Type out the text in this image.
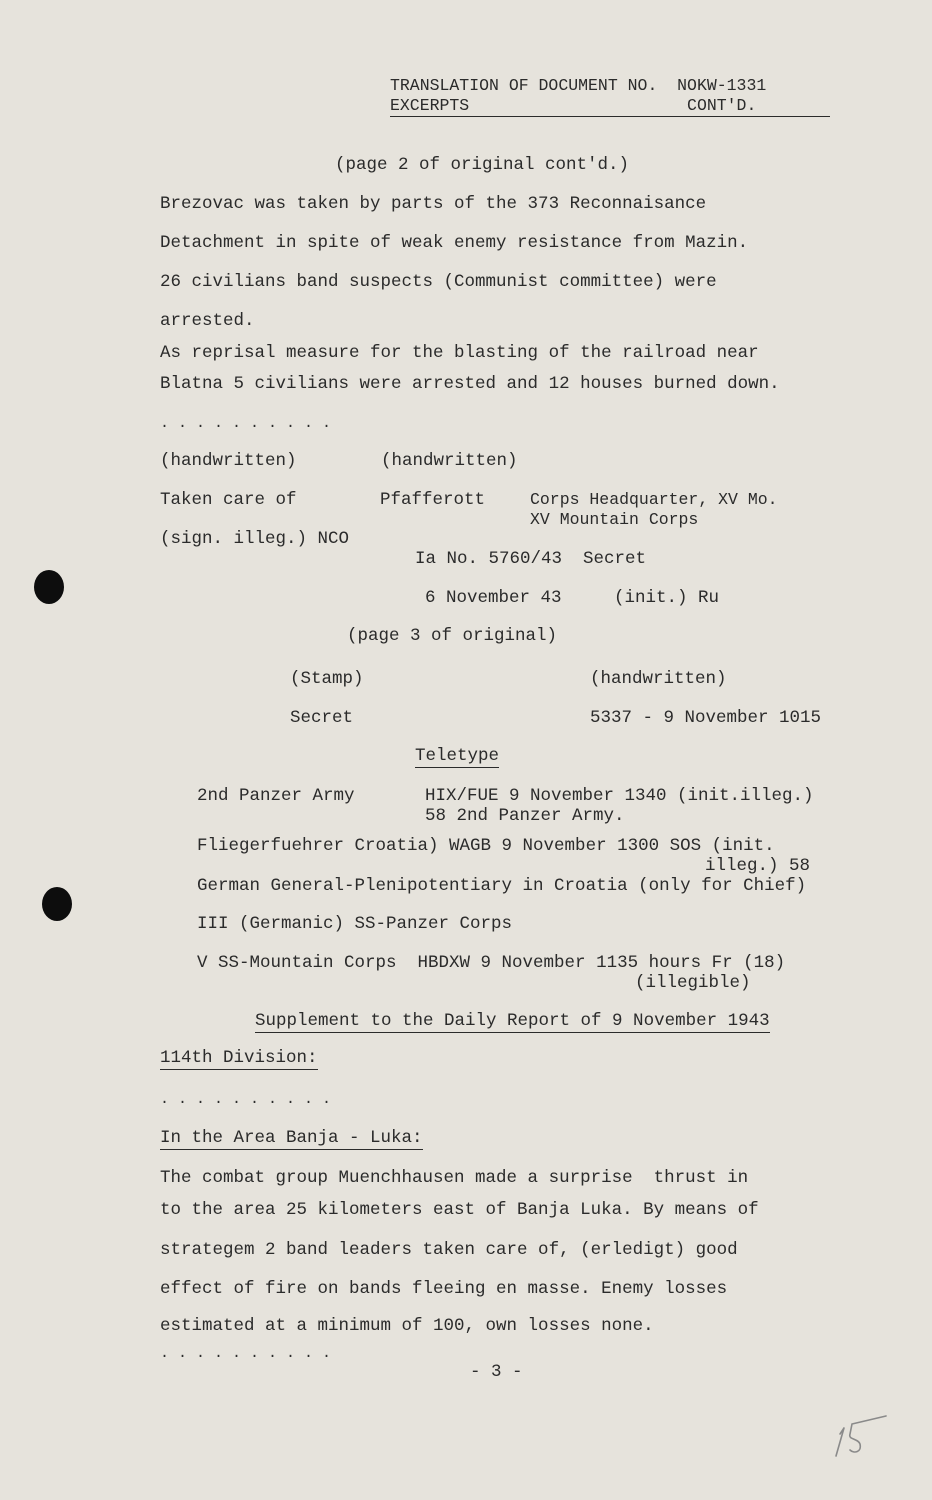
TRANSLATION OF DOCUMENT NO.  NOKW-1331
EXCERPTS                      CONT'D.
(page 2 of original cont'd.)
Brezovac was taken by parts of the 373 Reconnaisance
Detachment in spite of weak enemy resistance from Mazin.
26 civilians band suspects (Communist committee) were
arrested.
As reprisal measure for the blasting of the railroad near
Blatna 5 civilians were arrested and 12 houses burned down.
. . . . . . . . . .
(handwritten)	(handwritten)
Taken care of	Pfafferott	Corps Headquarter, XV Mo.
XV Mountain Corps
(sign. illeg.) NCO
Ia No. 5760/43  Secret
6 November 43     (init.) Ru
(page 3 of original)
(Stamp)	(handwritten)
Secret	5337 - 9 November 1015
Teletype
2nd Panzer Army	HIX/FUE 9 November 1340 (init.illeg.)
58 2nd Panzer Army.
Fliegerfuehrer Croatia) WAGB 9 November 1300 SOS (init.
illeg.) 58
German General-Plenipotentiary in Croatia (only for Chief)
III (Germanic) SS-Panzer Corps
V SS-Mountain Corps  HBDXW 9 November 1135 hours Fr (18)
(illegible)
Supplement to the Daily Report of 9 November 1943
114th Division:
. . . . . . . . . .
In the Area Banja - Luka:
The combat group Muenchhausen made a surprise  thrust in
to the area 25 kilometers east of Banja Luka. By means of
strategem 2 band leaders taken care of, (erledigt) good
effect of fire on bands fleeing en masse. Enemy losses
estimated at a minimum of 100, own losses none.
. . . . . . . . . .
- 3 -
